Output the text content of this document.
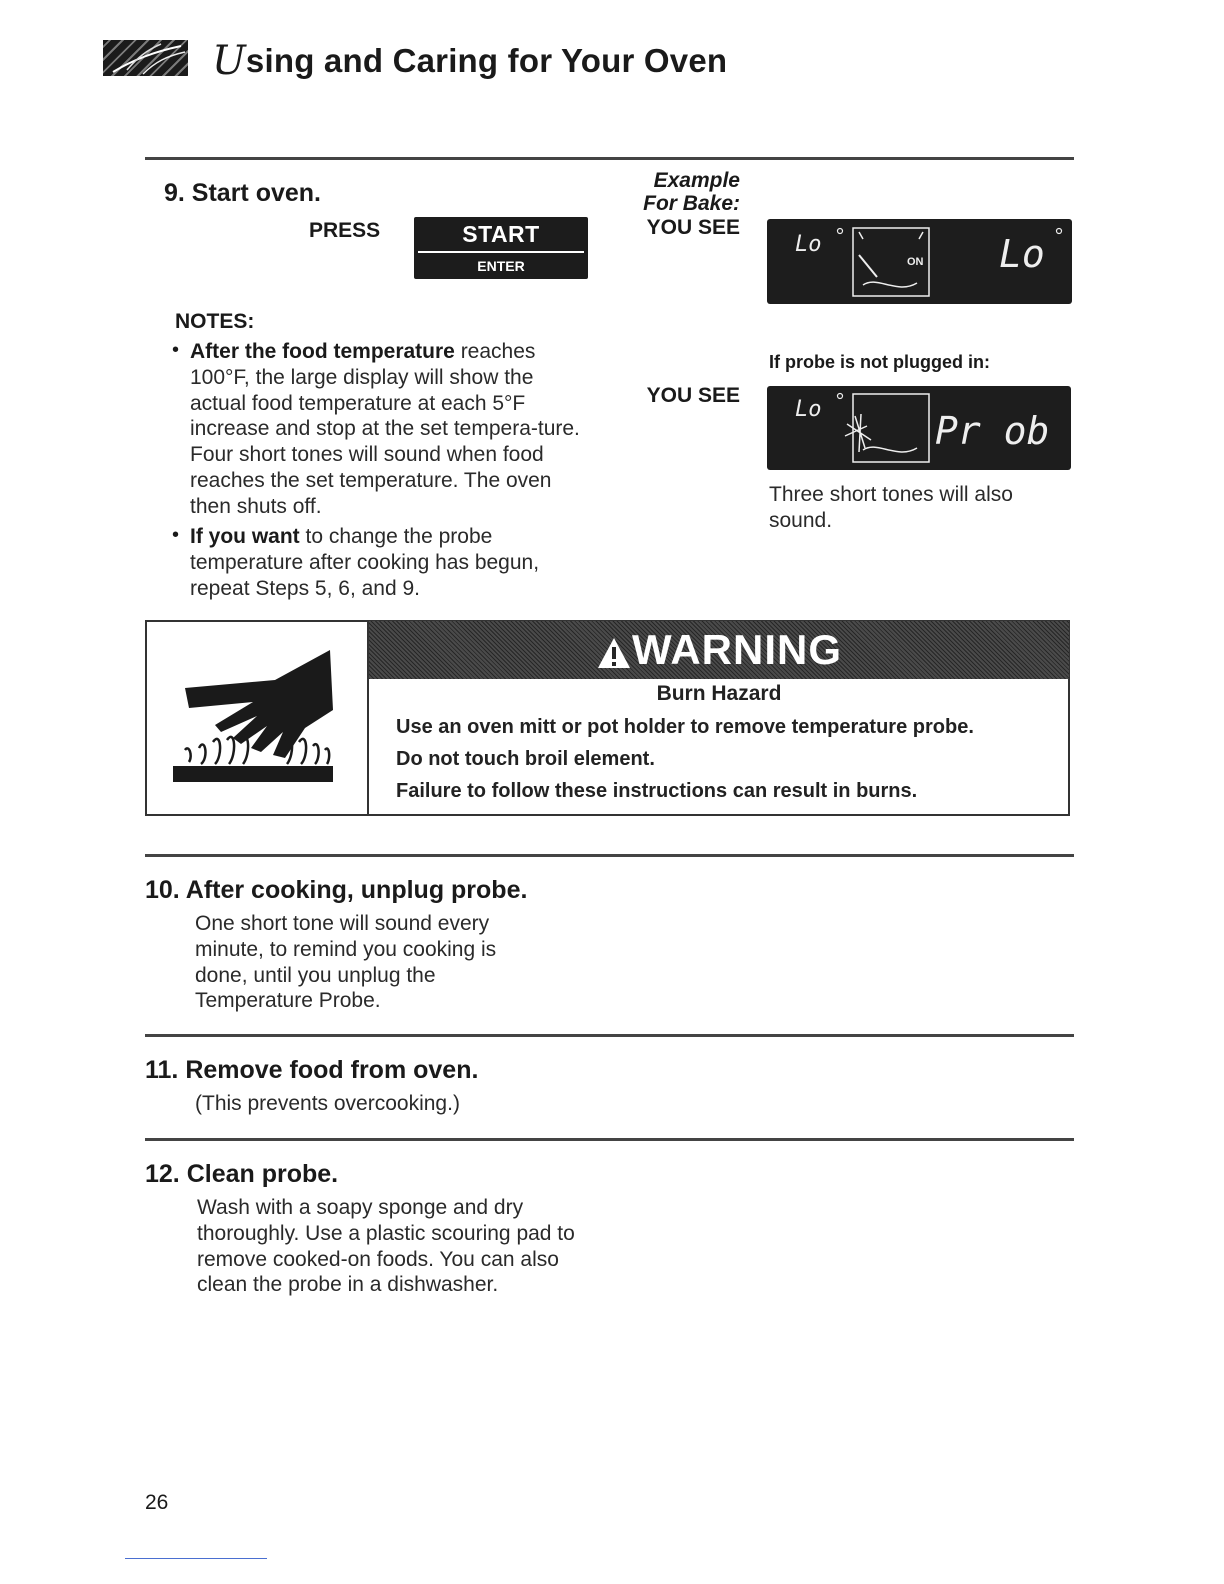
Using and Caring for Your Oven
9. Start oven.
PRESS	START
ENTER
NOTES:
• After the food temperature reaches 100°F, the large display will show the actual food temperature at each 5°F increase and stop at the set tempera-ture. Four short tones will sound when food reaches the set temperature. The oven then shuts off.
• If you want to change the probe temperature after cooking has begun, repeat Steps 5, 6, and 9.
Example
For Bake:
YOU SEE
Lo
ON Lo
If probe is not plugged in:
YOU SEE
Lo	Pr ob
Three short tones will also sound.
WARNING
Burn Hazard
Use an oven mitt or pot holder to remove temperature probe.
Do not touch broil element.
Failure to follow these instructions can result in burns.
10. After cooking, unplug probe.
One short tone will sound every minute, to remind you cooking is done, until you unplug the Temperature Probe.
11. Remove food from oven.
(This prevents overcooking.)
12. Clean probe.
Wash with a soapy sponge and dry thoroughly. Use a plastic scouring pad to remove cooked-on foods. You can also clean the probe in a dishwasher.
26
